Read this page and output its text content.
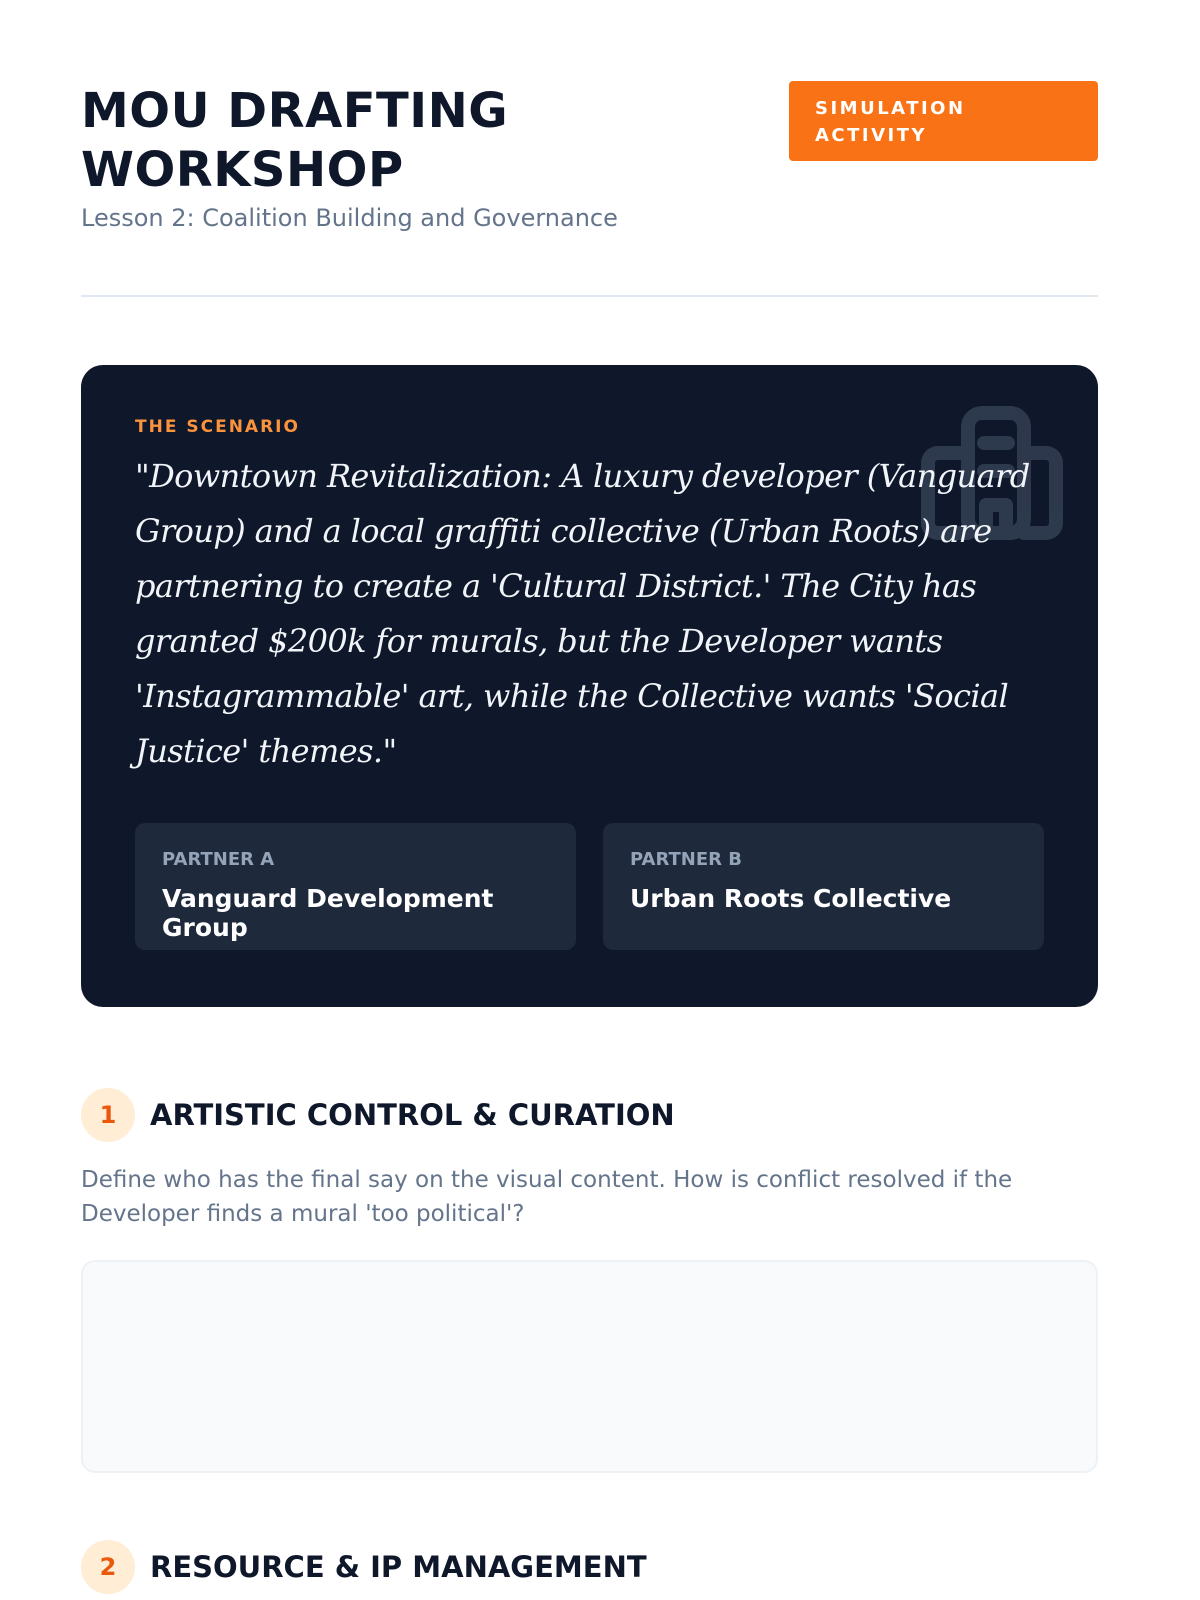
MOU DRAFTING WORKSHOP
Lesson 2: Coalition Building and Governance
SIMULATION ACTIVITY
THE SCENARIO

"Downtown Revitalization: A luxury developer (Vanguard Group) and a local graffiti collective (Urban Roots) are partnering to create a 'Cultural District.' The City has granted $200k for murals, but the Developer wants 'Instagrammable' art, while the Collective wants 'Social Justice' themes."

PARTNER A
Vanguard Development Group
PARTNER B
Urban Roots Collective
1	ARTISTIC CONTROL & CURATION

Define who has the final say on the visual content. How is conflict resolved if the Developer finds a mural 'too political'?

2	RESOURCE & IP MANAGEMENT
